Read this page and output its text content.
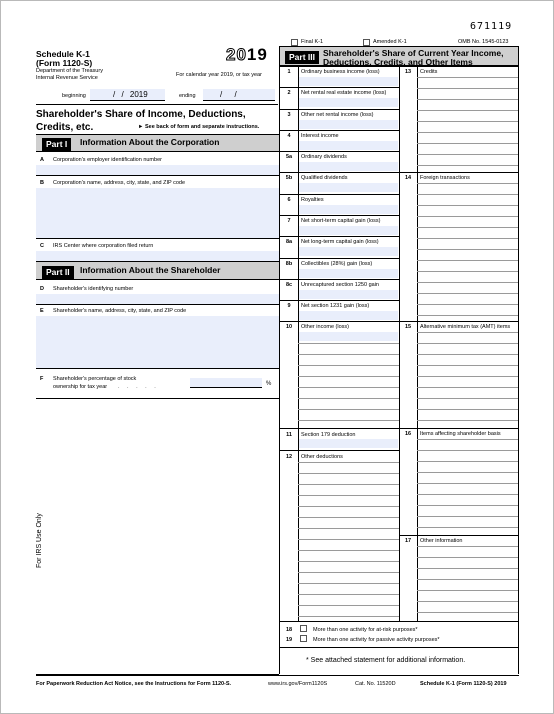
671119
Final K-1	Amended K-1	OMB No. 1545-0123
Schedule K-1
(Form 1120-S)
Department of the Treasury
Internal Revenue Service
2019
For calendar year 2019, or tax year
beginning	/ / 2019	ending	/ /
Shareholder's Share of Income, Deductions,
Credits, etc.	► See back of form and separate instructions.
Part I	Information About the Corporation
A Corporation's employer identification number
B Corporation's name, address, city, state, and ZIP code
C IRS Center where corporation filed return
Part II	Information About the Shareholder
D Shareholder's identifying number
E Shareholder's name, address, city, state, and ZIP code
F Shareholder's percentage of stock
ownership for tax year . . . . .	%
For IRS Use Only
Part III Shareholder's Share of Current Year Income,
Deductions, Credits, and Other Items
1	Ordinary business income (loss)
2	Net rental real estate income (loss)
3	Other net rental income (loss)
4	Interest income
5a	Ordinary dividends
5b	Qualified dividends
6	Royalties
7	Net short-term capital gain (loss)
8a	Net long-term capital gain (loss)
8b	Collectibles (28%) gain (loss)
8c	Unrecaptured section 1250 gain
9	Net section 1231 gain (loss)
10	Other income (loss)
11	Section 179 deduction
12	Other deductions
13	Credits
14	Foreign transactions
15	Alternative minimum tax (AMT) items
16	Items affecting shareholder basis
17	Other information
18	More than one activity for at-risk purposes*
19	More than one activity for passive activity purposes*
* See attached statement for additional information.
For Paperwork Reduction Act Notice, see the Instructions for Form 1120-S.	www.irs.gov/Form1120S	Cat. No. 11520D	Schedule K-1 (Form 1120-S) 2019
